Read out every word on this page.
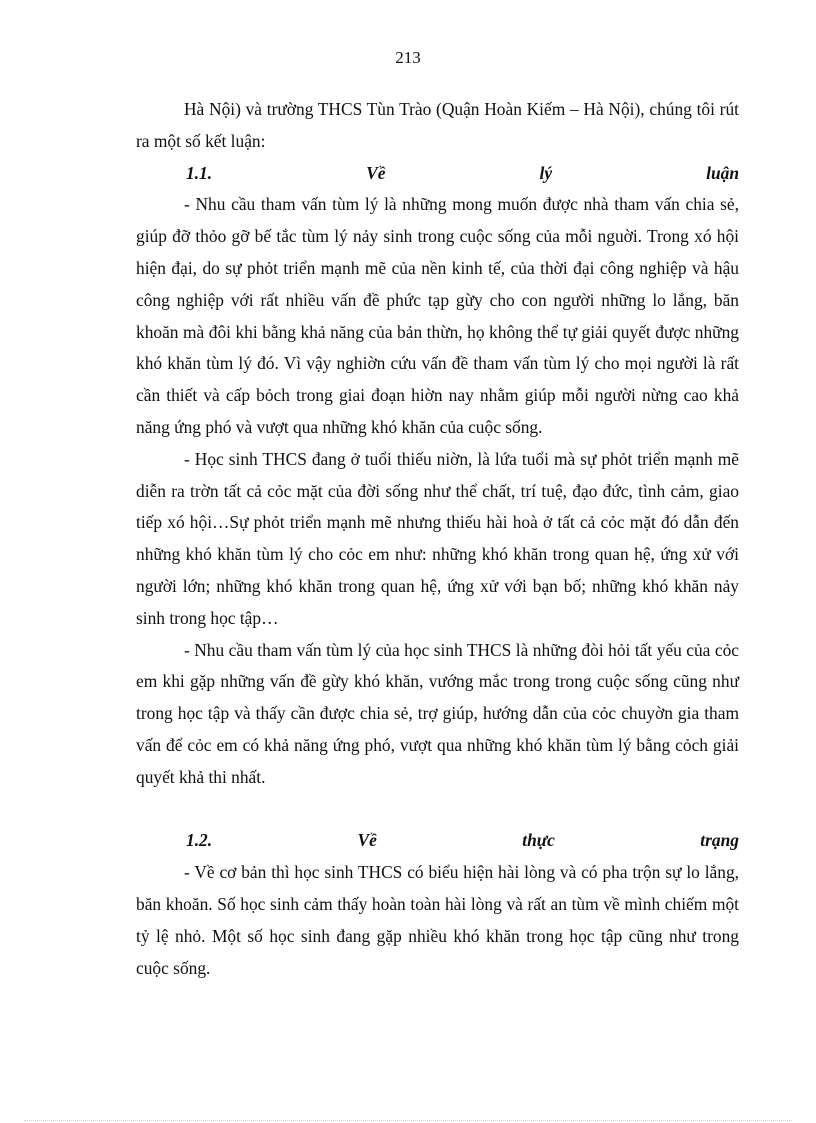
213

Hà Nội) và trường THCS Tùn Trào (Quận Hoàn Kiếm – Hà Nội), chúng tôi rút ra một số kết luận:

1.1.	Về	lý	luận

- Nhu cầu tham vấn tùm lý là những mong muốn được nhà tham vấn chia sẻ, giúp đỡ thỏo gỡ bế tắc tùm lý nảy sinh trong cuộc sống của mỗi nguời. Trong xó hội hiện đại, do sự phỏt triển mạnh mẽ của nền kinh tế, của thời đại công nghiệp và hậu công nghiệp với rất nhiều vấn đề phức tạp gừy cho con người những lo lắng, băn khoăn mà đôi khi bằng khả năng của bản thừn, họ không thể tự giải quyết được những khó khăn tùm lý đó. Vì vậy nghiờn cứu vấn đề tham vấn tùm lý cho mọi người là rất cần thiết và cấp bỏch trong giai đoạn hiờn nay nhằm giúp mỗi người nừng cao khả năng ứng phó và vượt qua những khó khăn của cuộc sống.

- Học sinh THCS đang ở tuổi thiếu niờn, là lứa tuổi mà sự phỏt triển mạnh mẽ diễn ra trờn tất cả cỏc mặt của đời sống như thể chất, trí tuệ, đạo đức, tình cảm, giao tiếp xó hội…Sự phỏt triển mạnh mẽ nhưng thiếu hài hoà ở tất cả cỏc mặt đó dẫn đến những khó khăn tùm lý cho cỏc em như: những khó khăn trong quan hệ, ứng xử với người lớn; những khó khăn trong quan hệ, ứng xử với bạn bố; những khó khăn nảy sinh trong học tập…

- Nhu cầu tham vấn tùm lý của học sinh THCS là những đòi hỏi tất yếu của cỏc em khi gặp những vấn đề gừy khó khăn, vướng mắc trong trong cuộc sống cũng như trong học tập và thấy cần được chia sẻ, trợ giúp, hướng dẫn của cỏc chuyờn gia tham vấn để cỏc em có khả năng ứng phó, vượt qua những khó khăn tùm lý bằng cỏch giải quyết khả thi nhất.

1.2.	Về	thực	trạng

- Về cơ bản thì học sinh THCS có biểu hiện hài lòng và có pha trộn sự lo lắng, băn khoăn. Số học sinh cảm thấy hoàn toàn hài lòng và rất an tùm về mình chiếm một tỷ lệ nhỏ. Một số học sinh đang gặp nhiều khó khăn trong học tập cũng như trong cuộc sống.
